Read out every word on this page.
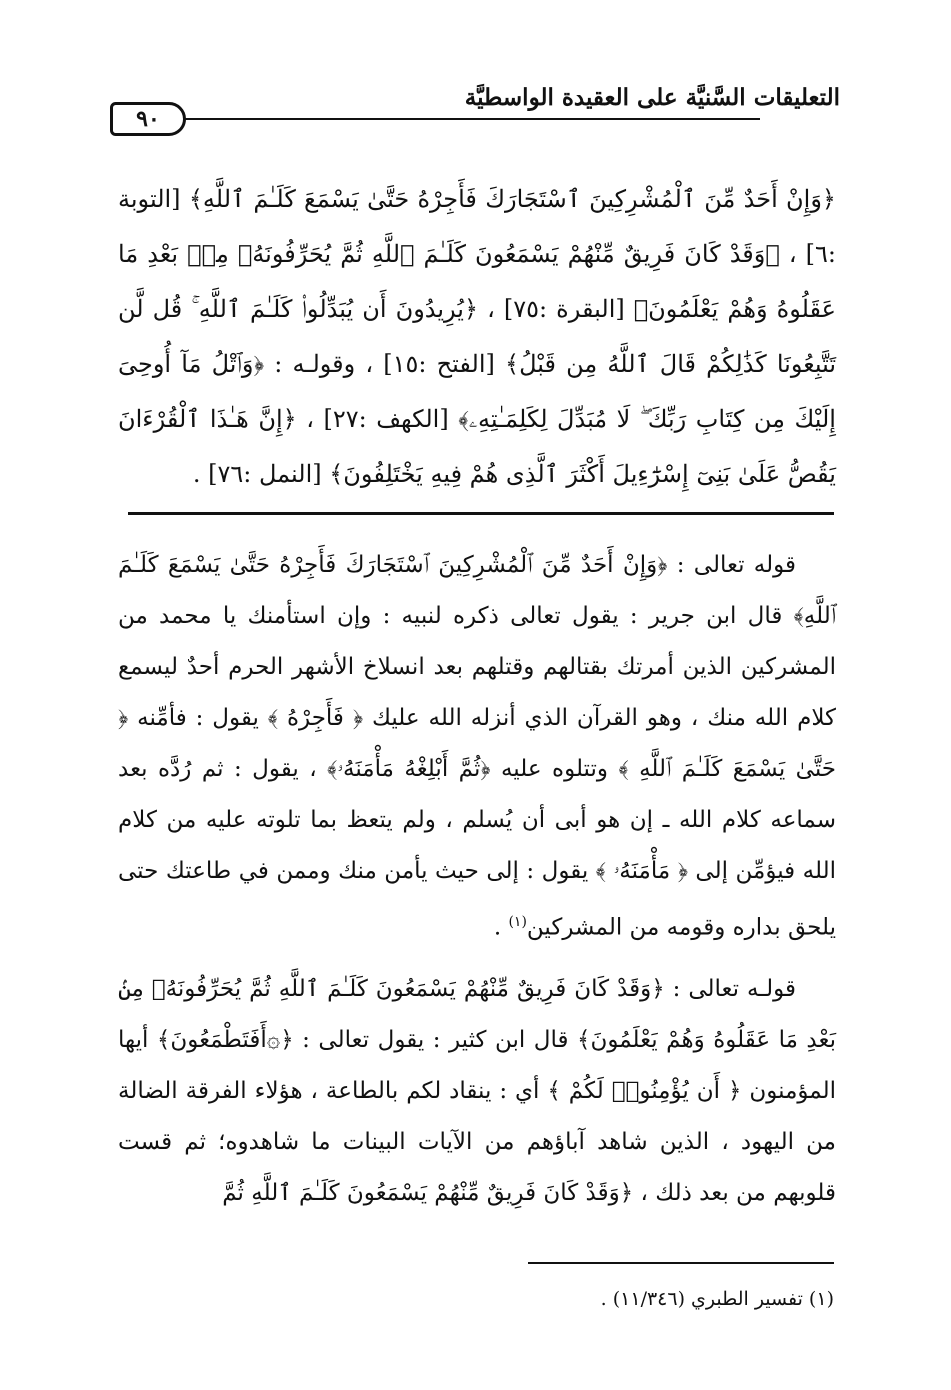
التعليقات السَّنيَّة على العقيدة الواسطيَّة
٩٠
﴿وَإِنْ أَحَدٌ مِّنَ ٱلْمُشْرِكِينَ ٱسْتَجَارَكَ فَأَجِرْهُ حَتَّىٰ يَسْمَعَ كَلَـٰمَ ٱللَّهِ﴾ [التوبة :٦] ، ﴿وَقَدْ كَانَ فَرِيقٌ مِّنْهُمْ يَسْمَعُونَ كَلَـٰمَ ٱللَّهِ ثُمَّ يُحَرِّفُونَهُۥ مِنۢ بَعْدِ مَا عَقَلُوهُ وَهُمْ يَعْلَمُونَ﴾ [البقرة :٧٥] ، ﴿يُرِيدُونَ أَن يُبَدِّلُوا۟ كَلَـٰمَ ٱللَّهِ ۚ قُل لَّن تَتَّبِعُونَا كَذَٰلِكُمْ قَالَ ٱللَّهُ مِن قَبْلُ﴾ [الفتح :١٥] ، وقولـه : ﴿وَٱتْلُ مَآ أُوحِىَ إِلَيْكَ مِن كِتَابِ رَبِّكَ ۖ لَا مُبَدِّلَ لِكَلِمَـٰتِهِۦ﴾ [الكهف :٢٧] ، ﴿إِنَّ هَـٰذَا ٱلْقُرْءَانَ يَقُصُّ عَلَىٰ بَنِىٓ إِسْرَٰٓءِيلَ أَكْثَرَ ٱلَّذِى هُمْ فِيهِ يَخْتَلِفُونَ﴾ [النمل :٧٦] .

قوله تعالى : ﴿وَإِنْ أَحَدٌ مِّنَ ٱلْمُشْرِكِينَ ٱسْتَجَارَكَ فَأَجِرْهُ حَتَّىٰ يَسْمَعَ كَلَـٰمَ ٱللَّهِ﴾ قال ابن جرير : يقول تعالى ذكره لنبيه : وإن استأمنك يا محمد من المشركين الذين أمرتك بقتالهم وقتلهم بعد انسلاخ الأشهر الحرم أحدٌ ليسمع كلام الله منك ، وهو القرآن الذي أنزله الله عليك ﴿ فَأَجِرْهُ ﴾ يقول : فأمِّنه ﴿ حَتَّىٰ يَسْمَعَ كَلَـٰمَ ٱللَّهِ ﴾ وتتلوه عليه ﴿ثُمَّ أَبْلِغْهُ مَأْمَنَهُۥ﴾ ، يقول : ثم رُدَّه بعد سماعه كلام الله ـ إن هو أبى أن يُسلم ، ولم يتعظ بما تلوته عليه من كلام الله فيؤمِّن إلى ﴿ مَأْمَنَهُۥ ﴾ يقول : إلى حيث يأمن منك وممن في طاعتك حتى يلحق بداره وقومه من المشركين$^{(١)}$ .

قولـه تعالى : ﴿وَقَدْ كَانَ فَرِيقٌ مِّنْهُمْ يَسْمَعُونَ كَلَـٰمَ ٱللَّهِ ثُمَّ يُحَرِّفُونَهُۥ مِنۢ بَعْدِ مَا عَقَلُوهُ وَهُمْ يَعْلَمُونَ﴾ قال ابن كثير : يقول تعالى : ﴿۞أَفَتَطْمَعُونَ﴾ أيها المؤمنون ﴿ أَن يُؤْمِنُوا۟ لَكُمْ ﴾ أي : ينقاد لكم بالطاعة ، هؤلاء الفرقة الضالة من اليهود ، الذين شاهد آباؤهم من الآيات البينات ما شاهدوه؛ ثم قست قلوبهم من بعد ذلك ، ﴿وَقَدْ كَانَ فَرِيقٌ مِّنْهُمْ يَسْمَعُونَ كَلَـٰمَ ٱللَّهِ ثُمَّ

(١) تفسير الطبري (١١/٣٤٦) .
